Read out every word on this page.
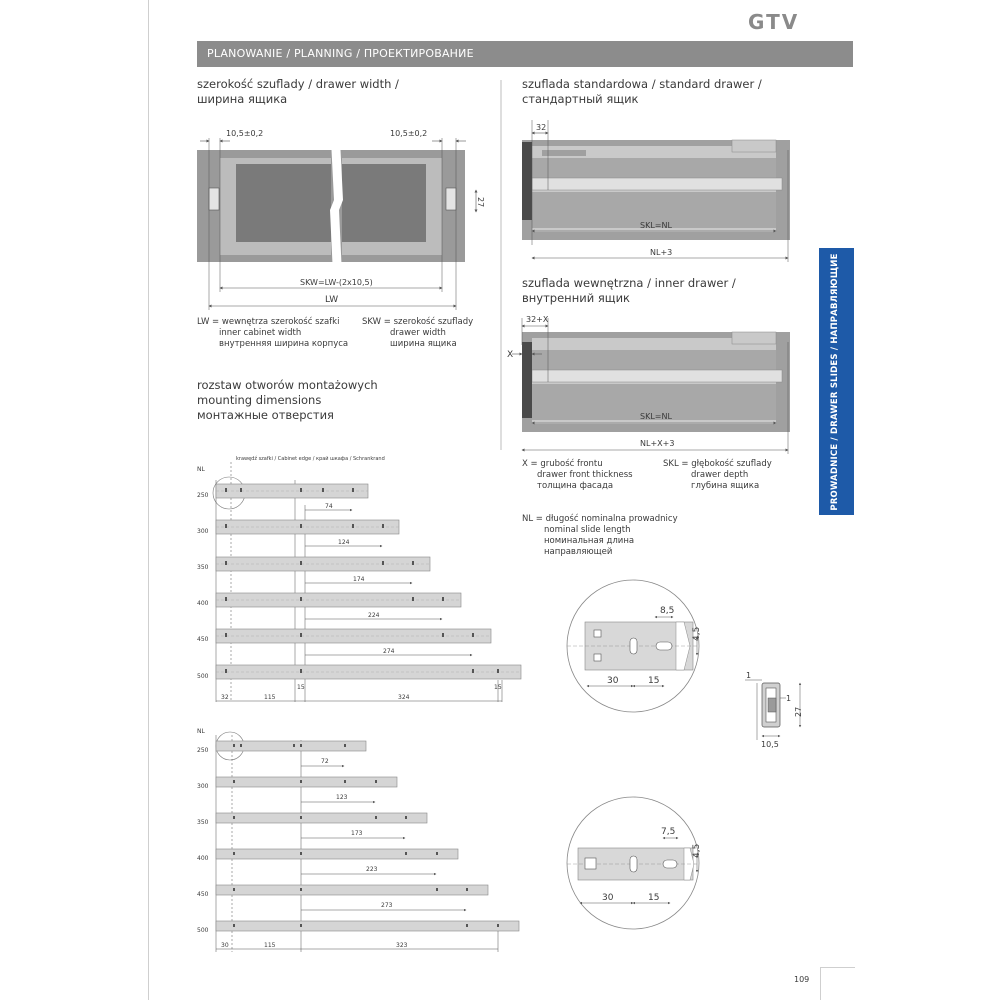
GTV
PLANOWANIE / PLANNING / ПРОЕКТИРОВАНИЕ
PROWADNICE / DRAWER SLIDES / НАПРАВЛЯЮЩИЕ
szerokość szuflady / drawer width /
ширина ящика
szuflada standardowa / standard drawer /
стандартный ящик
szuflada wewnętrzna / inner drawer /
внутренний ящик
rozstaw otworów montażowych
mounting dimensions
монтажные отверстия
LW = wewnętrza szerokość szafki
inner cabinet width
внутренняя ширина корпуса
SKW = szerokość szuflady
drawer width
ширина ящика
X = grubość frontu
drawer front thickness
толщина фасада
SKL = głębokość szuflady
drawer depth
глубина ящика
NL = długość nominalna prowadnicy
nominal slide length
номинальная длина
направляющей
109
10,5±0,2	10,5±0,2
27
SKW=LW-(2x10,5)
LW
32
SKL=NL
NL+3
32+X
X
SKL=NL
NL+X+3
krawędź szafki / Cabinet edge / край шкафа / Schrankrand
NL
250
74
300
124
350
174
400
224
450
274
500
32	115
15
324
15
NL
250
72
300
123
350
173
400
223
450
273
500
30	115	323
8,5
4,5
30	15
7,5
4,5
30	15
1
1
27
10,5
